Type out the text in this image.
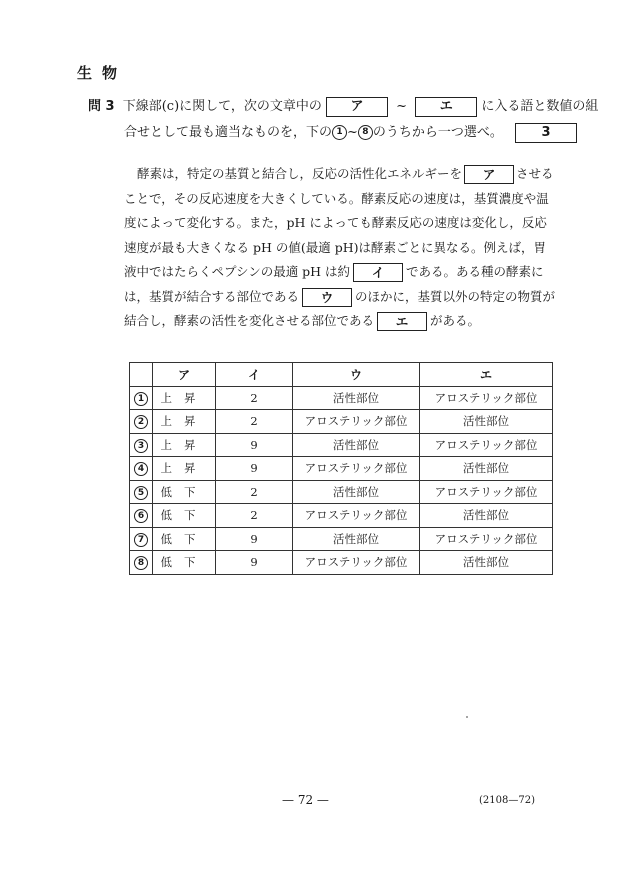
生物
問 3 下線部(c)に関して，次の文章中の ア	~	エ に入る語と数値の組
合せとして最も適当なものを，下の 1 ~ 8 のうちから一つ選べ。	3
酵素は，特定の基質と結合し，反応の活性化エネルギーを ア させる
ことで，その反応速度を大きくしている。酵素反応の速度は，基質濃度や温
度によって変化する。また，pH によっても酵素反応の速度は変化し，反応
速度が最も大きくなる pH の値(最適 pH)は酵素ごとに異なる。例えば，胃
液中ではたらくペプシンの最適 pH は約 イ である。ある種の酵素に
は，基質が結合する部位である ウ のほかに，基質以外の特定の物質が
結合し，酵素の活性を変化させる部位である エ がある。
	ア	イ	ウ	エ
1	上昇	2	活性部位	アロステリック部位
2	上昇	2	アロステリック部位	活性部位
3	上昇	9	活性部位	アロステリック部位
4	上昇	9	アロステリック部位	活性部位
5	低下	2	活性部位	アロステリック部位
6	低下	2	アロステリック部位	活性部位
7	低下	9	活性部位	アロステリック部位
8	低下	9	アロステリック部位	活性部位
— 72 —	(2108—72)
